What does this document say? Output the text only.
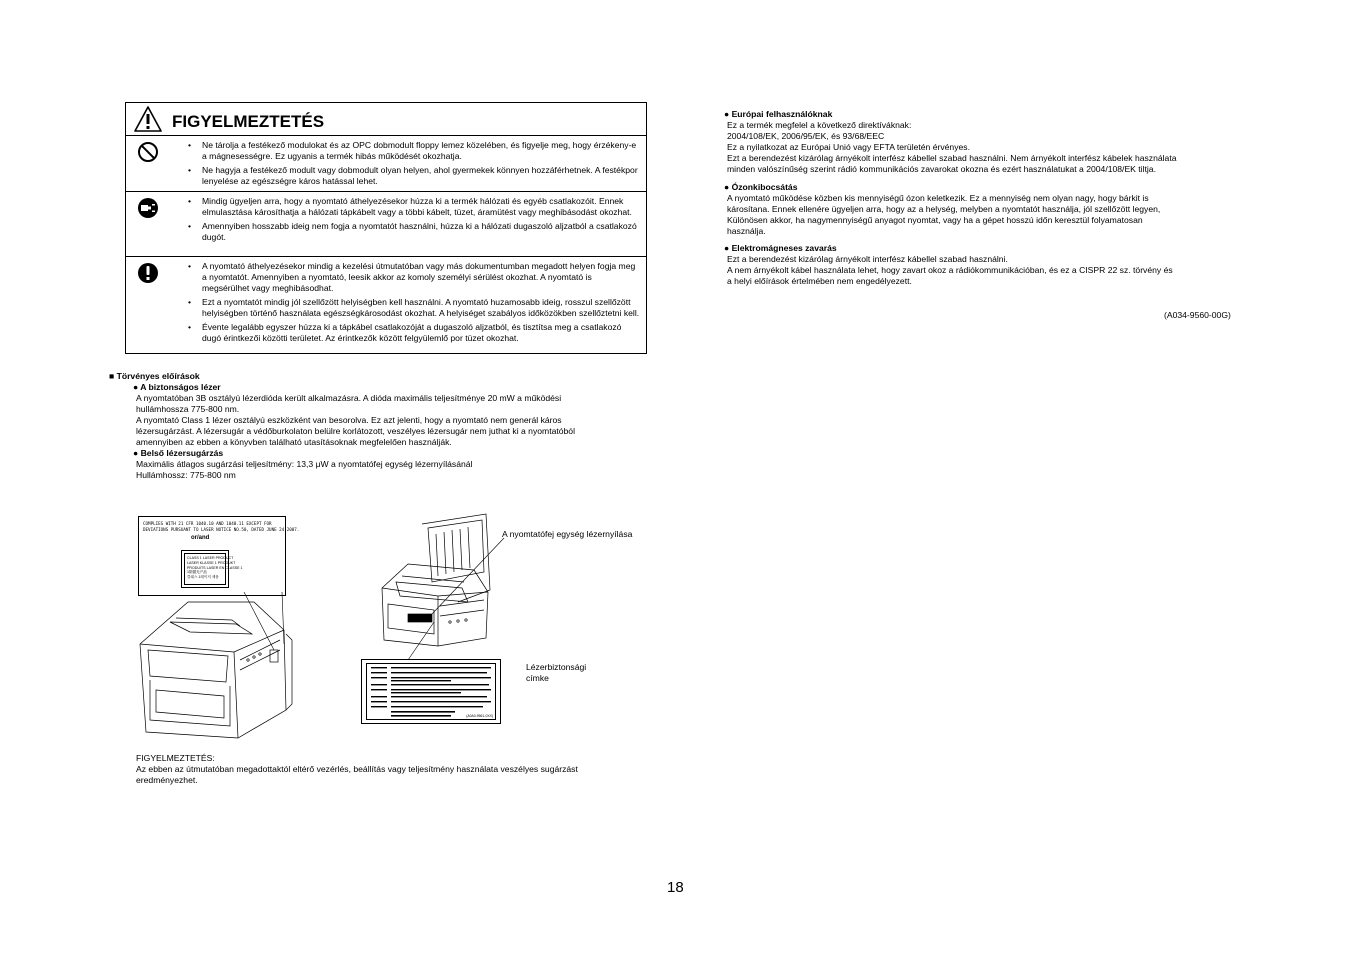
FIGYELMEZTETÉS
• Ne tárolja a festékező modulokat és az OPC dobmodult floppy lemez közelében, és figyelje meg, hogy érzékeny-e a mágnesességre. Ez ugyanis a termék hibás működését okozhatja.
• Ne hagyja a festékező modult vagy dobmodult olyan helyen, ahol gyermekek könnyen hozzáférhetnek. A festékpor lenyelése az egészségre káros hatással lehet.
• Mindig ügyeljen arra, hogy a nyomtató áthelyezésekor húzza ki a termék hálózati és egyéb csatlakozóit. Ennek elmulasztása károsíthatja a hálózati tápkábelt vagy a többi kábelt, tüzet, áramütést vagy meghibásodást okozhat.
• Amennyiben hosszabb ideig nem fogja a nyomtatót használni, húzza ki a hálózati dugaszoló aljzatból a csatlakozó dugót.
• A nyomtató áthelyezésekor mindig a kezelési útmutatóban vagy más dokumentumban megadott helyen fogja meg a nyomtatót. Amennyiben a nyomtató, leesik akkor az komoly személyi sérülést okozhat. A nyomtató is megsérülhet vagy meghibásodhat.
• Ezt a nyomtatót mindig jól szellőzött helyiségben kell használni. A nyomtató huzamosabb ideig, rosszul szellőzött helyiségben történő használata egészségkárosodást okozhat. A helyiséget szabályos időközökben szellőztetni kell.
• Évente legalább egyszer húzza ki a tápkábel csatlakozóját a dugaszoló aljzatból, és tisztítsa meg a csatlakozó dugó érintkezői közötti területet. Az érintkezők között felgyülemlő por tüzet okozhat.
■ Törvényes előírások
● A biztonságos lézer
A nyomtatóban 3B osztályú lézerdióda került alkalmazásra. A dióda maximális teljesítménye 20 mW a működési
hullámhossza 775-800 nm.
A nyomtató Class 1 lézer osztályú eszközként van besorolva. Ez azt jelenti, hogy a nyomtató nem generál káros
lézersugárzást. A lézersugár a védőburkolaton belülre korlátozott, veszélyes lézersugár nem juthat ki a nyomtatóból
amennyiben az ebben a könyvben található utasításoknak megfelelően használják.
● Belső lézersugárzás
Maximális átlagos sugárzási teljesítmény: 13,3 μW a nyomtatófej egység lézernyílásánál
Hullámhossz: 775-800 nm
COMPLIES WITH 21 CFR 1040.10 AND 1040.11 EXCEPT FOR
DEVIATIONS PURSUANT TO LASER NOTICE NO.50, DATED JUNE 24,2007.
or/and
CLASS 1 LASER PRODUCT
LASER KLASSE 1 PRODUKT
PRODUITS LASER EN CLASSE 1
1類激光产品
클래스 1레이저 제품
A nyomtatófej egység lézernyílása
(A0A0-9561-0XX)
Lézerbiztonsági
címke
FIGYELMEZTETÉS:
Az ebben az útmutatóban megadottaktól eltérő vezérlés, beállítás vagy teljesítmény használata veszélyes sugárzást
eredményezhet.
● Európai felhasználóknak
Ez a termék megfelel a következő direktíváknak:
2004/108/EK, 2006/95/EK, és 93/68/EEC
Ez a nyilatkozat az Európai Unió vagy EFTA területén érvényes.
Ezt a berendezést kizárólag árnyékolt interfész kábellel szabad használni. Nem árnyékolt interfész kábelek használata
minden valószínűség szerint rádió kommunikációs zavarokat okozna és ezért használatukat a 2004/108/EK tiltja.
● Ózonkibocsátás
A nyomtató működése közben kis mennyiségű ózon keletkezik. Ez a mennyiség nem olyan nagy, hogy bárkit is
károsítana. Ennek ellenére ügyeljen arra, hogy az a helység, melyben a nyomtatót használja, jól szellőzött legyen,
Különösen akkor, ha nagymennyiségű anyagot nyomtat, vagy ha a gépet hosszú időn keresztül folyamatosan
használja.
● Elektromágneses zavarás
Ezt a berendezést kizárólag árnyékolt interfész kábellel szabad használni.
A nem árnyékolt kábel használata lehet, hogy zavart okoz a rádiókommunikációban, és ez a CISPR 22 sz. törvény és
a helyi előírások értelmében nem engedélyezett.
(A034-9560-00G)
18
